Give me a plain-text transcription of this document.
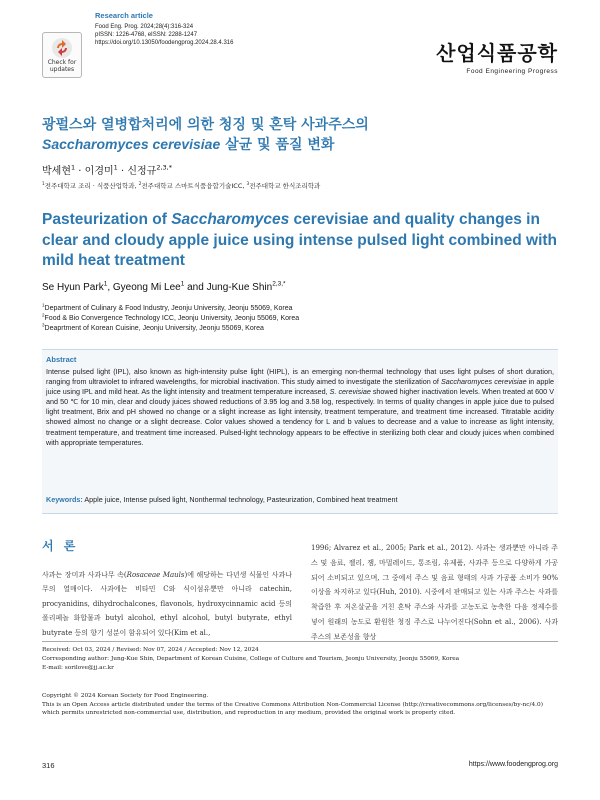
Check for updates
Research article
Food Eng. Prog. 2024;28(4):316-324
pISSN: 1226-4768, eISSN: 2288-1247
https://doi.org/10.13050/foodengprog.2024.28.4.316	산업식품공학
Food Engineering Progress
광펄스와 열병합처리에 의한 청징 및 혼탁 사과주스의
Saccharomyces cerevisiae 살균 및 품질 변화
박세현$^1$ · 이경미$^1$ · 신정규$^{2,3,*}$
$^1$전주대학교 조리 · 식품산업학과, $^2$전주대학교 스마트식품융합기술ICC, $^3$전주대학교 한식조리학과
Pasteurization of Saccharomyces cerevisiae and quality changes in clear and cloudy apple juice using intense pulsed light combined with mild heat treatment
Se Hyun Park$^1$, Gyeong Mi Lee$^1$ and Jung-Kue Shin$^{2,3,*}$
$^1$Department of Culinary & Food Industry, Jeonju University, Jeonju 55069, Korea
$^2$Food & Bio Convergence Technology ICC, Jeonju University, Jeonju 55069, Korea
$^3$Deaprtment of Korean Cuisine, Jeonju University, Jeonju 55069, Korea
Abstract
Intense pulsed light (IPL), also known as high-intensity pulse light (HIPL), is an emerging non-thermal technology that uses light pulses of short duration, ranging from ultraviolet to infrared wavelengths, for microbial inactivation. This study aimed to investigate the sterilization of Saccharomyces cerevisiae in apple juice using IPL and mild heat. As the light intensity and treatment temperature increased, S. cerevisiae showed higher inactivation levels. When treated at 600 V and 50 ℃ for 10 min, clear and cloudy juices showed reductions of 3.95 log and 3.58 log, respectively. In terms of quality changes in apple juice due to pulsed light treatment, Brix and pH showed no change or a slight increase as light intensity, treatment temperature, and treatment time increased. Titratable acidity showed almost no change or a slight decrease. Color values showed a tendency for L and b values to decrease and a value to increase as light intensity, treatment temperature, and treatment time increased. Pulsed-light technology appears to be effective in sterilizing both clear and cloudy juices when combined with appropriate temperatures.
Keywords: Apple juice, Intense pulsed light, Nonthermal technology, Pasteurization, Combined heat treatment
서 론
사과는 장미과 사과나무 속(Rosaceae Mauls)에 해당하는 다년생 식물인 사과나무의 열매이다. 사과에는 비타민 C와 식이섬유뿐만 아니라 catechin, procyanidins, dihydrochalcones, flavonols, hydroxycinnamic acid 등의 폴리페놀 화합물과 butyl alcohol, ethyl alcohol, butyl butyrate, ethyl butyrate 등의 향기 성분이 함유되어 있다(Kim et al.,
1996; Alvarez et al., 2005; Park et al., 2012). 사과는 생과뿐만 아니라 주스 및 음료, 젤리, 잼, 마멀레이드, 통조림, 유제품, 사과주 등으로 다양하게 가공되어 소비되고 있으며, 그 중에서 주스 및 음료 형태의 사과 가공품 소비가 90% 이상을 차지하고 있다(Huh, 2010). 시중에서 판매되고 있는 사과 주스는 사과를 착즙한 후 저온살균을 거친 혼탁 주스와 사과를 고농도로 농축한 다음 정제수를 넣어 원래의 농도로 환원한 청징 주스로 나누어진다(Sohn et al., 2006). 사과 주스의 보존성을 향상
Received: Oct 03, 2024 / Revised: Nov 07, 2024 / Accepted: Nov 12, 2024
Corresponding author: Jung-Kue Shin, Department of Korean Cuisine, College of Culture and Tourism, Jeonju University, Jeonju 55069, Korea
E-mail: sorilove@jj.ac.kr
Copyright © 2024 Korean Society for Food Engineering.
This is an Open Access article distributed under the terms of the Creative Commons Attribution Non-Commercial License (http://creativecommons.org/licenses/by-nc/4.0) which permits unrestricted non-commercial use, distribution, and reproduction in any medium, provided the original work is properly cited.
316	https://www.foodengprog.org
